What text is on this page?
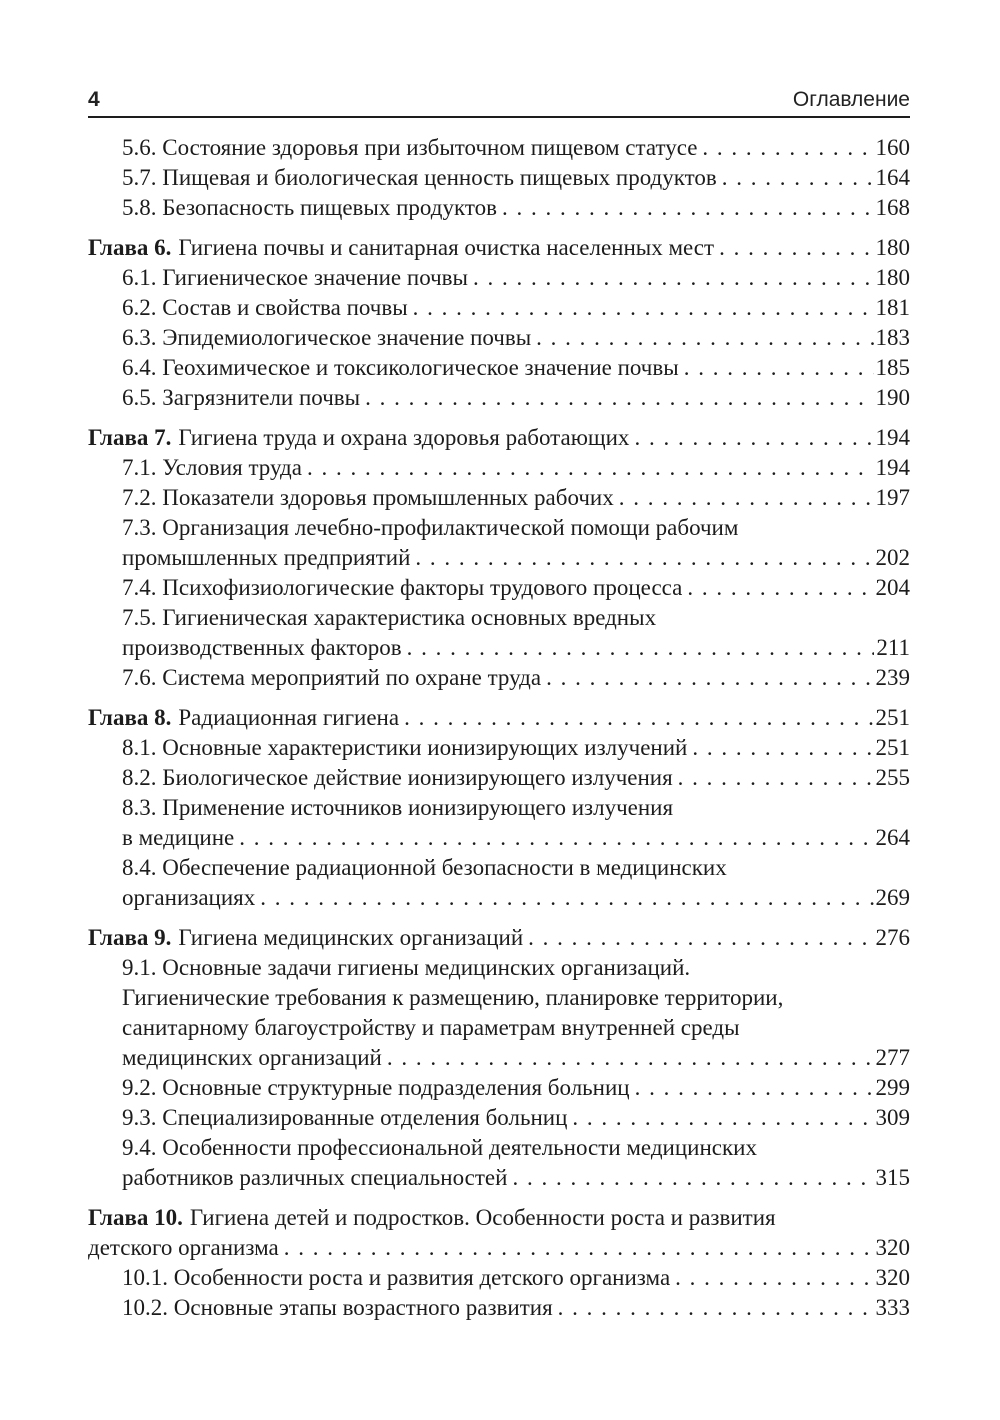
4	Оглавление
5.6. Состояние здоровья при избыточном пищевом статусе . . .	160
5.7. Пищевая и биологическая ценность пищевых продуктов . . .	164
5.8. Безопасность пищевых продуктов . . .	168
Глава 6. Гигиена почвы и санитарная очистка населенных мест . . .	180
6.1. Гигиеническое значение почвы . . .	180
6.2. Состав и свойства почвы . . .	181
6.3. Эпидемиологическое значение почвы . . .	183
6.4. Геохимическое и токсикологическое значение почвы . . .	185
6.5. Загрязнители почвы . . .	190
Глава 7. Гигиена труда и охрана здоровья работающих . . .	194
7.1. Условия труда . . .	194
7.2. Показатели здоровья промышленных рабочих . . .	197
7.3. Организация лечебно-профилактической помощи рабочим
промышленных предприятий . . .	202
7.4. Психофизиологические факторы трудового процесса . . .	204
7.5. Гигиеническая характеристика основных вредных
производственных факторов . . .	211
7.6. Система мероприятий по охране труда . . .	239
Глава 8. Радиационная гигиена . . .	251
8.1. Основные характеристики ионизирующих излучений . . .	251
8.2. Биологическое действие ионизирующего излучения . . .	255
8.3. Применение источников ионизирующего излучения
в медицине . . .	264
8.4. Обеспечение радиационной безопасности в медицинских
организациях . . .	269
Глава 9. Гигиена медицинских организаций . . .	276
9.1. Основные задачи гигиены медицинских организаций.
Гигиенические требования к размещению, планировке территории,
санитарному благоустройству и параметрам внутренней среды
медицинских организаций . . .	277
9.2. Основные структурные подразделения больниц . . .	299
9.3. Специализированные отделения больниц . . .	309
9.4. Особенности профессиональной деятельности медицинских
работников различных специальностей . . .	315
Глава 10. Гигиена детей и подростков. Особенности роста и развития
детского организма . . .	320
10.1. Особенности роста и развития детского организма . . .	320
10.2. Основные этапы возрастного развития . . .	333
